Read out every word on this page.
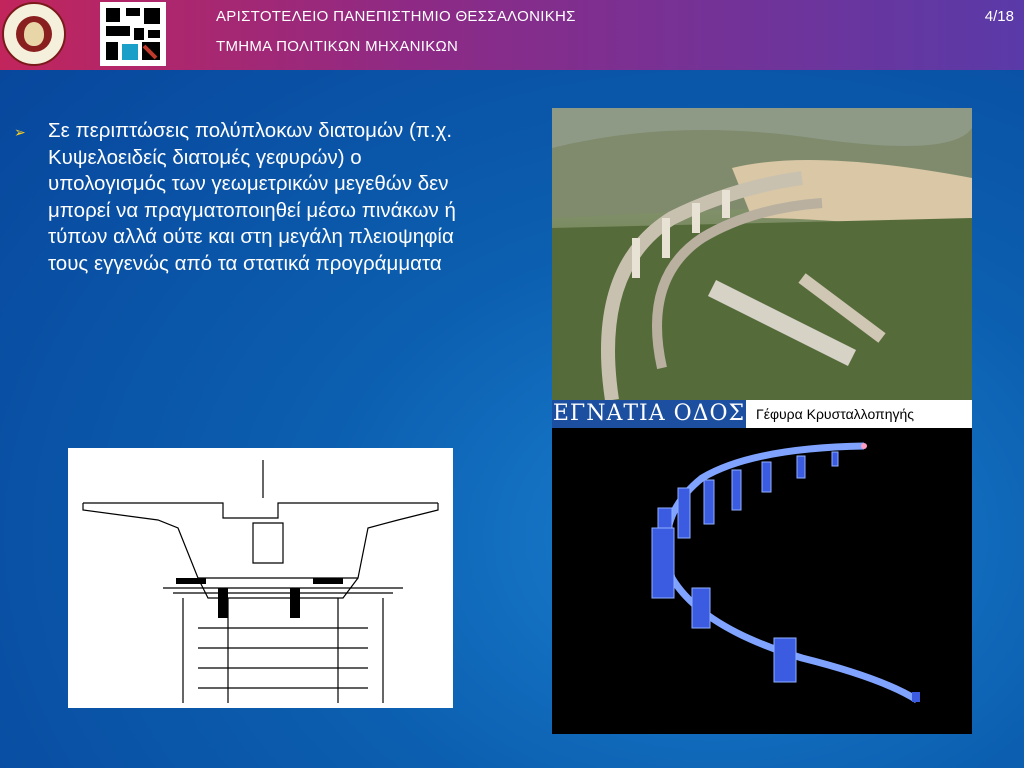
ΑΡΙΣΤΟΤΕΛΕΙΟ ΠΑΝΕΠΙΣΤΗΜΙΟ ΘΕΣΣΑΛΟΝΙΚΗΣ
ΤΜΗΜΑ ΠΟΛΙΤΙΚΩΝ ΜΗΧΑΝΙΚΩΝ
4/18
➢ Σε περιπτώσεις πολύπλοκων διατομών (π.χ. Κυψελοειδείς διατομές γεφυρών) ο υπολογισμός των γεωμετρικών μεγεθών δεν μπορεί να πραγματοποιηθεί μέσω πινάκων ή τύπων αλλά ούτε και στη μεγάλη πλειοψηφία τους εγγενώς από τα στατικά προγράμματα
ΕΓΝΑΤΙΑ ΟΔΟΣ Γέφυρα Κρυσταλλοπηγής
